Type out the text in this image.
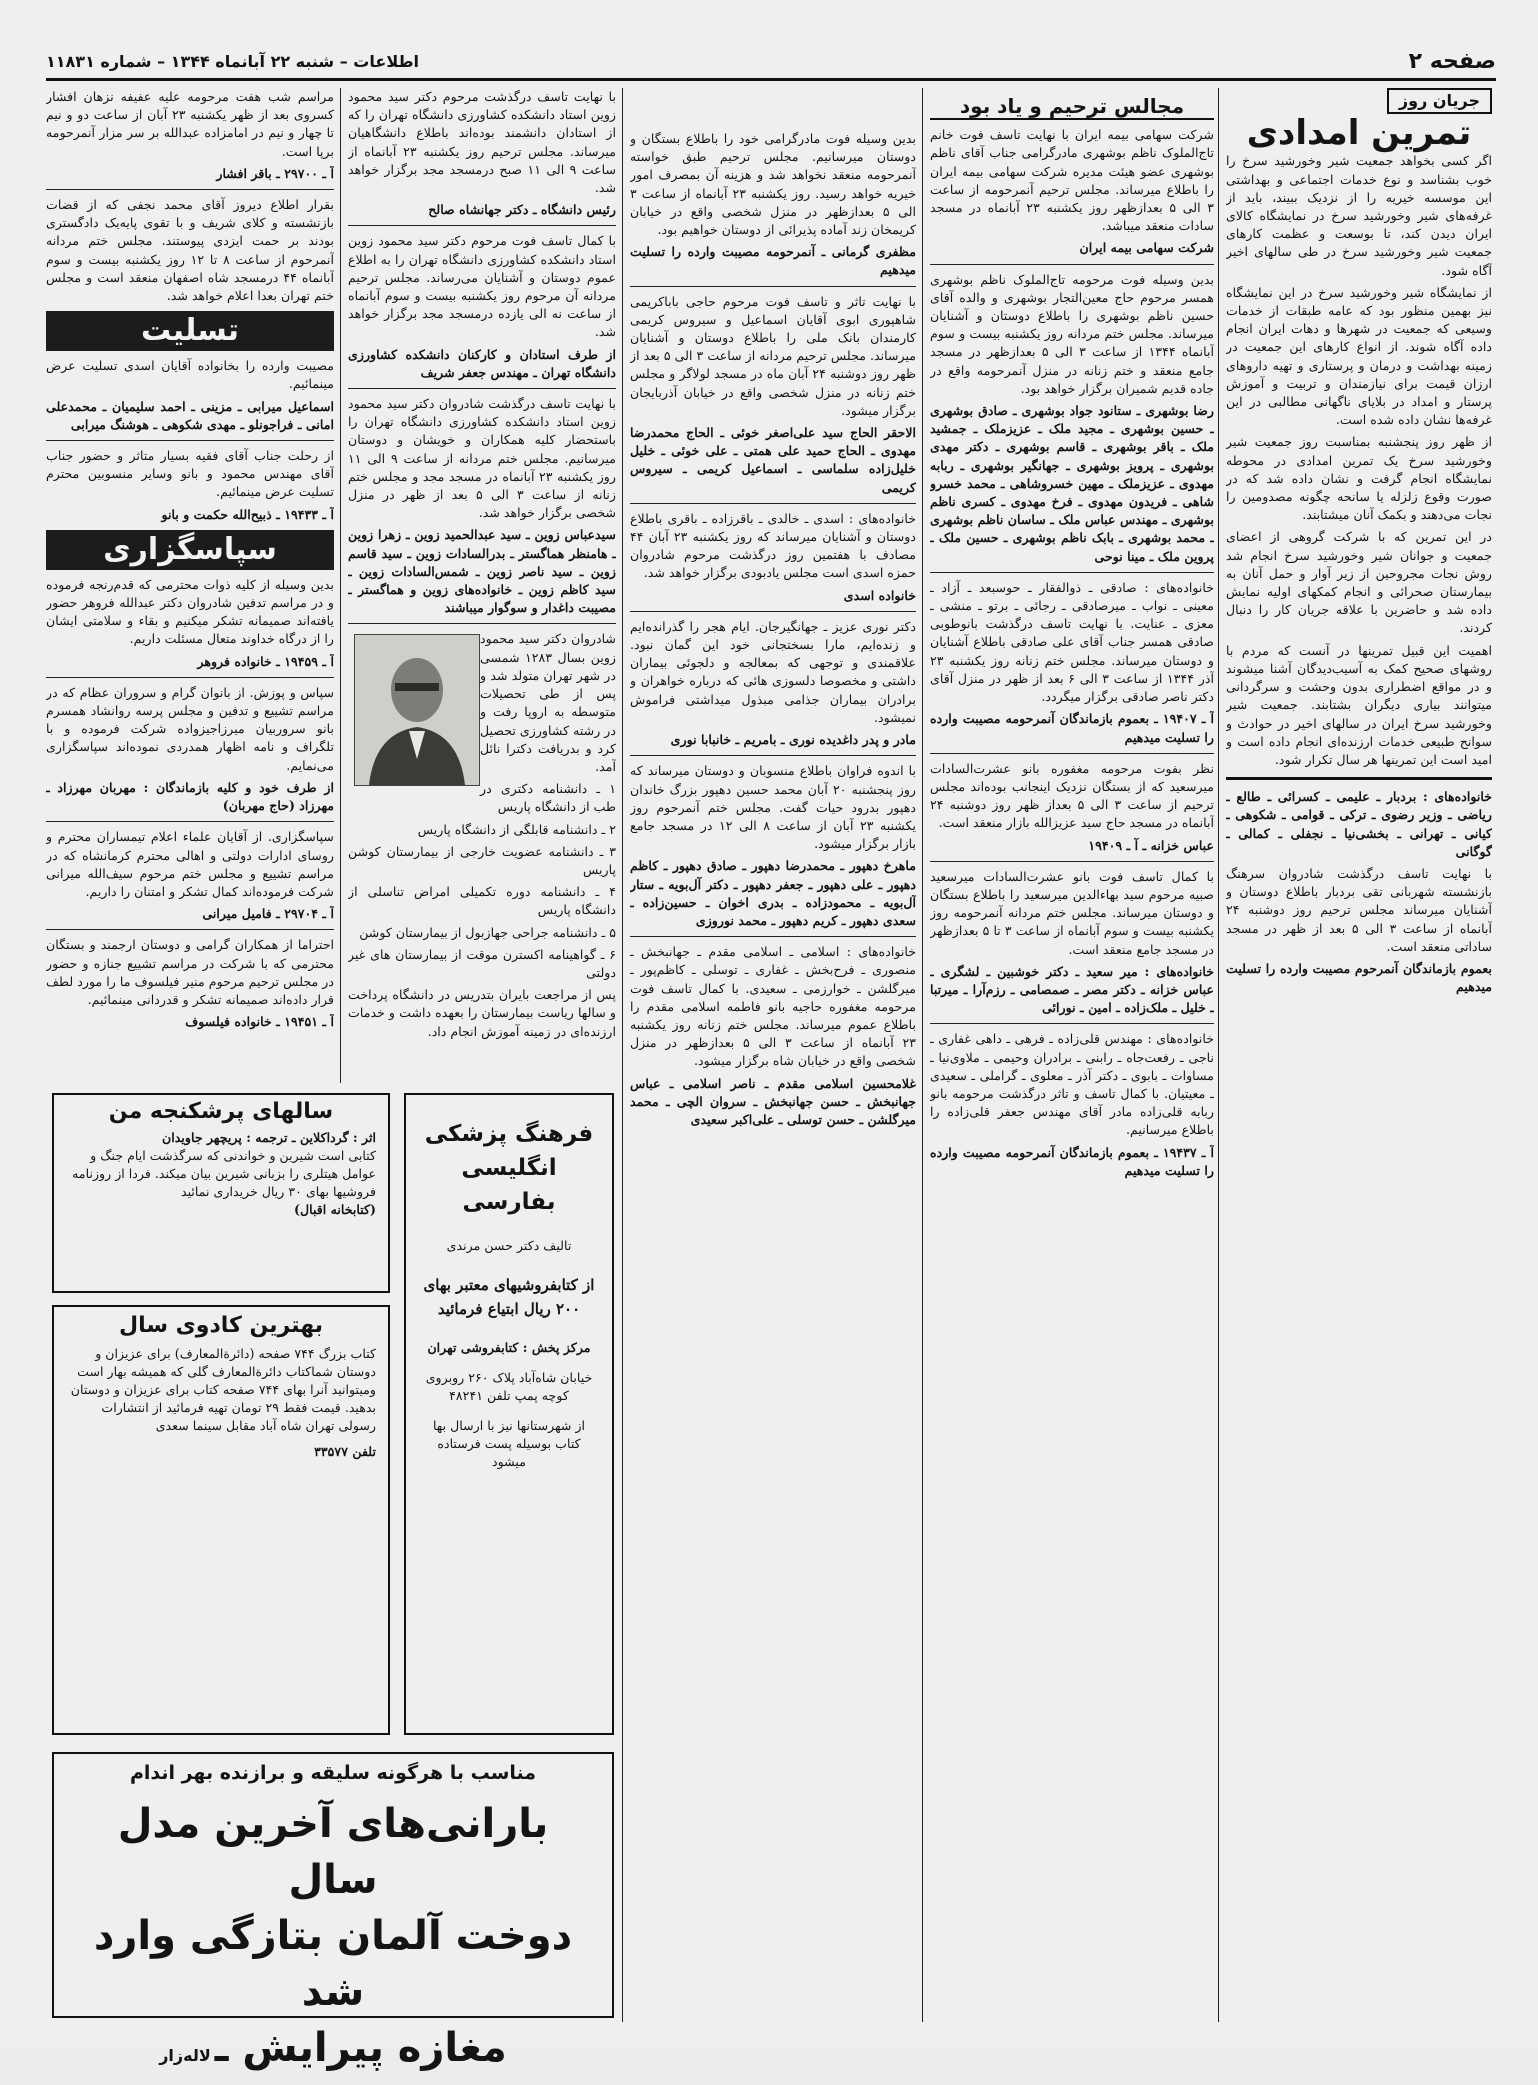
صفحه ۲
اطلاعات – شنبه ۲۲ آبانماه ۱۳۴۴ – شماره ۱۱۸۳۱
جریان روز
تمرین امدادی

اگر کسی بخواهد جمعیت شیر وخورشید سرخ را خوب بشناسد و نوع خدمات اجتماعی و بهداشتی این موسسه خیریه را از نزدیک ببیند، باید از غرفه‌های شیر وخورشید سرخ در نمایشگاه کالای ایران دیدن کند، تا بوسعت و عظمت کارهای جمعیت شیر وخورشید سرخ در طی سالهای اخیر آگاه شود.

از نمایشگاه شیر وخورشید سرخ در این نمایشگاه نیز بهمین منظور بود که عامه طبقات از خدمات وسیعی که جمعیت در شهرها و دهات ایران انجام داده آگاه شوند. از انواع کارهای این جمعیت در زمینه بهداشت و درمان و پرستاری و تهیه داروهای ارزان قیمت برای نیازمندان و تربیت و آموزش پرستار و امداد در بلایای ناگهانی مطالبی در این غرفه‌ها نشان داده شده است.

از ظهر روز پنجشنبه بمناسبت روز جمعیت شیر وخورشید سرخ یک تمرین امدادی در محوطه نمایشگاه انجام گرفت و نشان داده شد که در صورت وقوع زلزله یا سانحه چگونه مصدومین را نجات می‌دهند و بکمک آنان میشتابند.

در این تمرین که با شرکت گروهی از اعضای جمعیت و جوانان شیر وخورشید سرخ انجام شد روش نجات مجروحین از زیر آوار و حمل آنان به بیمارستان صحرائی و انجام کمکهای اولیه نمایش داده شد و حاضرین با علاقه جریان کار را دنبال کردند.

اهمیت این قبیل تمرینها در آنست که مردم با روشهای صحیح کمک به آسیب‌دیدگان آشنا میشوند و در مواقع اضطراری بدون وحشت و سرگردانی میتوانند بیاری دیگران بشتابند. جمعیت شیر وخورشید سرخ ایران در سالهای اخیر در حوادث و سوانح طبیعی خدمات ارزنده‌ای انجام داده است و امید است این تمرینها هر سال تکرار شود.

خانواده‌های : بردبار ـ علیمی ـ کسرائی ـ طالع ـ ریاضی ـ وزیر رضوی ـ ترکی ـ قوامی ـ شکوهی ـ کیانی ـ تهرانی ـ بخشی‌نیا ـ نجفلی ـ کمالی ـ گوگانی

با نهایت تاسف درگذشت شادروان سرهنگ بازنشسته شهربانی تقی بردبار باطلاع دوستان و آشنایان میرساند مجلس ترحیم روز دوشنبه ۲۴ آبانماه از ساعت ۳ الی ۵ بعد از ظهر در مسجد ساداتی منعقد است.

بعموم بازماندگان آنمرحوم مصیبت وارده را تسلیت میدهیم

مجالس ترحیم و یاد بود

شرکت سهامی بیمه ایران با نهایت تاسف فوت خانم تاج‌الملوک ناظم بوشهری مادرگرامی جناب آقای ناظم بوشهری عضو هیئت مدیره شرکت سهامی بیمه ایران را باطلاع میرساند. مجلس ترحیم آنمرحومه از ساعت ۳ الی ۵ بعدازظهر روز یکشنبه ۲۳ آبانماه در مسجد سادات منعقد میباشد.

شرکت سهامی بیمه ایران

بدین وسیله فوت مرحومه تاج‌الملوک ناظم بوشهری همسر مرحوم حاج معین‌التجار بوشهری و والده آقای حسین ناظم بوشهری را باطلاع دوستان و آشنایان میرساند. مجلس ختم مردانه روز یکشنبه بیست و سوم آبانماه ۱۳۴۴ از ساعت ۳ الی ۵ بعدازظهر در مسجد جامع منعقد و ختم زنانه در منزل آنمرحومه واقع در جاده قدیم شمیران برگزار خواهد بود.

رضا بوشهری ـ ستانود جواد بوشهری ـ صادق بوشهری ـ حسین بوشهری ـ مجید ملک ـ عزیزملک ـ جمشید ملک ـ باقر بوشهری ـ قاسم بوشهری ـ دکتر مهدی بوشهری ـ پرویز بوشهری ـ جهانگیر بوشهری ـ ربابه مهدوی ـ عزیزملک ـ مهین خسروشاهی ـ محمد خسرو شاهی ـ فریدون مهدوی ـ فرخ مهدوی ـ کسری ناظم بوشهری ـ مهندس عباس ملک ـ ساسان ناظم بوشهری ـ محمد بوشهری ـ بابک ناظم بوشهری ـ حسین ملک ـ پروین ملک ـ مینا نوحی

خانواده‌های : صادقی ـ ذوالفقار ـ حوسبعد ـ آزاد ـ معینی ـ نواب ـ میرصادقی ـ رجائی ـ برتو ـ منشی ـ معزی ـ عنایت. با نهایت تاسف درگذشت بانوطوبی صادقی همسر جناب آقای علی صادقی باطلاع آشنایان و دوستان میرساند. مجلس ختم زنانه روز یکشنبه ۲۳ آذر ۱۳۴۴ از ساعت ۳ الی ۶ بعد از ظهر در منزل آقای دکتر ناصر صادقی برگزار میگردد.

آ ـ ۱۹۴۰۷ ـ بعموم بازماندگان آنمرحومه مصیبت وارده را تسلیت میدهیم

نظر بفوت مرحومه مغفوره بانو عشرت‌السادات میرسعید که از بستگان نزدیک اینجانب بوده‌اند مجلس ترحیم از ساعت ۳ الی ۵ بعداز ظهر روز دوشنبه ۲۴ آبانماه در مسجد حاج سید عزیزالله بازار منعقد است.

عباس خزانه ـ آ ـ ۱۹۴۰۹

با کمال تاسف فوت بانو عشرت‌السادات میرسعید صبیه مرحوم سید بهاءالدین میرسعید را باطلاع بستگان و دوستان میرساند. مجلس ختم مردانه آنمرحومه روز یکشنبه بیست و سوم آبانماه از ساعت ۳ تا ۵ بعدازظهر در مسجد جامع منعقد است.

خانواده‌های : میر سعید ـ دکتر خوشبین ـ لشگری ـ عباس خزانه ـ دکتر مصر ـ صمصامی ـ رزم‌آرا ـ میرتبا ـ خلیل ـ ملک‌زاده ـ امین ـ نورائی

خانواده‌های : مهندس قلی‌زاده ـ فرهی ـ داهی غفاری ـ ناجی ـ رفعت‌جاه ـ رابنی ـ برادران وحیمی ـ ملاوی‌نیا ـ مساوات ـ بابوی ـ دکتر آذر ـ معلوی ـ گراملی ـ سعیدی ـ معیتیان. با کمال تاسف و تاثر درگذشت مرحومه بانو ربابه قلی‌زاده مادر آقای مهندس جعفر قلی‌زاده را باطلاع میرسانیم.

آ ـ ۱۹۴۳۷ ـ بعموم بازماندگان آنمرحومه مصیبت وارده را تسلیت میدهیم

بدین وسیله فوت مادرگرامی خود را باطلاع بستگان و دوستان میرسانیم. مجلس ترحیم طبق خواسته آنمرحومه منعقد نخواهد شد و هزینه آن بمصرف امور خیریه خواهد رسید. روز یکشنبه ۲۳ آبانماه از ساعت ۳ الی ۵ بعدازظهر در منزل شخصی واقع در خیابان کریمخان زند آماده پذیرائی از دوستان خواهیم بود.

مظفری گرمانی ـ آنمرحومه مصیبت وارده را تسلیت میدهیم

با نهایت تاثر و تاسف فوت مرحوم حاجی باباکریمی شاهپوری ابوی آقایان اسماعیل و سیروس کریمی کارمندان بانک ملی را باطلاع دوستان و آشنایان میرساند. مجلس ترحیم مردانه از ساعت ۳ الی ۵ بعد از ظهر روز دوشنبه ۲۴ آبان ماه در مسجد لولاگر و مجلس ختم زنانه در منزل شخصی واقع در خیابان آذربایجان برگزار میشود.

الاحقر الحاج سید علی‌اصغر خوئی ـ الحاج محمدرضا مهدوی ـ الحاج حمید علی همتی ـ علی خوئی ـ خلیل خلیل‌زاده سلماسی ـ اسماعیل کریمی ـ سیروس کریمی

خانواده‌های : اسدی ـ خالدی ـ باقرزاده ـ باقری باطلاع دوستان و آشنایان میرساند که روز یکشنبه ۲۳ آبان ۴۴ مصادف با هفتمین روز درگذشت مرحوم شادروان حمزه اسدی است مجلس یادبودی برگزار خواهد شد.

خانواده اسدی

دکتر نوری عزیز ـ جهانگیرجان. ایام هجر را گذرانده‌ایم و زنده‌ایم، مارا بسختجانی خود این گمان نبود. علاقمندی و توجهی که بمعالجه و دلجوئی بیماران داشتی و مخصوصا دلسوزی هائی که درباره خواهران و برادران بیماران جذامی مبذول میداشتی فراموش نمیشود.

مادر و پدر داغدیده نوری ـ بامریم ـ خانبابا نوری

با اندوه فراوان باطلاع منسوبان و دوستان میرساند که روز پنجشنبه ۲۰ آبان محمد حسین دهپور بزرگ خاندان دهپور بدرود حیات گفت. مجلس ختم آنمرحوم روز یکشنبه ۲۳ آبان از ساعت ۸ الی ۱۲ در مسجد جامع بازار برگزار میشود.

ماهرخ دهپور ـ محمدرضا دهپور ـ صادق دهپور ـ کاظم دهپور ـ علی دهپور ـ جعفر دهپور ـ دکتر آل‌بویه ـ ستار آل‌بویه ـ محمودزاده ـ بدری اخوان ـ حسین‌زاده ـ سعدی دهپور ـ کریم دهپور ـ محمد نوروزی

خانواده‌های : اسلامی ـ اسلامی مقدم ـ جهانبخش ـ منصوری ـ فرح‌بخش ـ غفاری ـ توسلی ـ کاظم‌پور ـ میرگلشن ـ خوارزمی ـ سعیدی. با کمال تاسف فوت مرحومه مغفوره حاجیه بانو فاطمه اسلامی مقدم را باطلاع عموم میرساند. مجلس ختم زنانه روز یکشنبه ۲۳ آبانماه از ساعت ۳ الی ۵ بعدازظهر در منزل شخصی واقع در خیابان شاه برگزار میشود.

غلامحسین اسلامی مقدم ـ ناصر اسلامی ـ عباس جهانبخش ـ حسن جهانبخش ـ سروان الچی ـ محمد میرگلشن ـ حسن توسلی ـ علی‌اکبر سعیدی

با نهایت تاسف درگذشت مرحوم دکتر سید محمود زوین استاد دانشکده کشاورزی دانشگاه تهران را که از استادان دانشمند بوده‌اند باطلاع دانشگاهیان میرساند. مجلس ترحیم روز یکشنبه ۲۳ آبانماه از ساعت ۹ الی ۱۱ صبح درمسجد مجد برگزار خواهد شد.

رئیس دانشگاه ـ دکتر جهانشاه صالح

با کمال تاسف فوت مرحوم دکتر سید محمود زوین استاد دانشکده کشاورزی دانشگاه تهران را به اطلاع عموم دوستان و آشنایان می‌رساند. مجلس ترحیم مردانه آن مرحوم روز یکشنبه بیست و سوم آبانماه از ساعت نه الی یازده درمسجد مجد برگزار خواهد شد.

از طرف استادان و کارکنان دانشکده کشاورزی دانشگاه تهران ـ مهندس جعفر شریف

با نهایت تاسف درگذشت شادروان دکتر سید محمود زوین استاد دانشکده کشاورزی دانشگاه تهران را باستحضار کلیه همکاران و خویشان و دوستان میرسانیم. مجلس ختم مردانه از ساعت ۹ الی ۱۱ روز یکشنبه ۲۳ آبانماه در مسجد مجد و مجلس ختم زنانه از ساعت ۳ الی ۵ بعد از ظهر در منزل شخصی برگزار خواهد شد.

سیدعباس زوین ـ سید عبدالحمید زوین ـ زهرا زوین ـ هامنظر هماگستر ـ بدرالسادات زوین ـ سید قاسم زوین ـ سید ناصر زوین ـ شمس‌السادات زوین ـ سید کاظم زوین ـ خانواده‌های زوین و هماگستر ـ مصیبت داغدار و سوگوار میباشند

شادروان دکتر سید محمود زوین بسال ۱۲۸۳ شمسی در شهر تهران متولد شد و پس از طی تحصیلات متوسطه به اروپا رفت و در رشته کشاورزی تحصیل کرد و بدریافت دکترا نائل آمد.

۱ ـ دانشنامه دکتری در طب از دانشگاه پاریس

۲ ـ دانشنامه قابلگی از دانشگاه پاریس

۳ ـ دانشنامه عضویت خارجی از بیمارستان کوشن پاریس

۴ ـ دانشنامه دوره تکمیلی امراض تناسلی از دانشگاه پاریس

۵ ـ دانشنامه جراحی جهازبول از بیمارستان کوشن

۶ ـ گواهینامه اکسترن موقت از بیمارستان های غیر دولتی

پس از مراجعت بایران بتدریس در دانشگاه پرداخت و سالها ریاست بیمارستان را بعهده داشت و خدمات ارزنده‌ای در زمینه آموزش انجام داد.

مراسم شب هفت مرحومه علیه عفیفه نزهان افشار کسروی بعد از ظهر یکشنبه ۲۳ آبان از ساعت دو و نیم تا چهار و نیم در امامزاده عبدالله بر سر مزار آنمرحومه برپا است.

آ ـ ۲۹۷۰۰ ـ باقر افشار

بقرار اطلاع دیروز آقای محمد نجفی که از قضات بازنشسته و کلای شریف و با تقوی پایه‌یک دادگستری بودند بر حمت ایزدی پیوستند. مجلس ختم مردانه آنمرحوم از ساعت ۸ تا ۱۲ روز یکشنبه بیست و سوم آبانماه ۴۴ درمسجد شاه اصفهان منعقد است و مجلس ختم تهران بعدا اعلام خواهد شد.

تسلیت

مصیبت وارده را بخانواده آقایان اسدی تسلیت عرض مینمائیم.

اسماعیل میرابی ـ مزینی ـ احمد سلیمیان ـ محمدعلی امانی ـ فراجونلو ـ مهدی شکوهی ـ هوشنگ میرابی

از رحلت جناب آقای فقیه بسیار متاثر و حضور جناب آقای مهندس محمود و بانو وسایر منسوبین محترم تسلیت عرض مینمائیم.

آ ـ ۱۹۴۳۳ ـ ذبیح‌الله حکمت و بانو

سپاسگزاری

بدین وسیله از کلیه ذوات محترمی که قدم‌رنجه فرموده و در مراسم تدفین شادروان دکتر عبدالله فروهر حضور یافته‌اند صمیمانه تشکر میکنیم و بقاء و سلامتی ایشان را از درگاه خداوند متعال مسئلت داریم.

آ ـ ۱۹۴۵۹ ـ خانواده فروهر

سپاس و پوزش. از بانوان گرام و سروران عظام که در مراسم تشییع و تدفین و مجلس پرسه روانشاد همسرم بانو سروربیان میرزاجیزواده شرکت فرموده و با تلگراف و نامه اظهار همدردی نموده‌اند سپاسگزاری می‌نمایم.

از طرف خود و کلیه بازماندگان : مهربان مهرزاد ـ مهرزاد (حاج مهربان)

سپاسگزاری. از آقایان علماء اعلام تیمساران محترم و روسای ادارات دولتی و اهالی محترم کرمانشاه که در مراسم تشییع و مجلس ختم مرحوم سیف‌الله میرانی شرکت فرموده‌اند کمال تشکر و امتنان را داریم.

آ ـ ۲۹۷۰۴ ـ فامیل میرانی

احتراما از همکاران گرامی و دوستان ارجمند و بستگان محترمی که با شرکت در مراسم تشییع جنازه و حضور در مجلس ترحیم مرحوم منیر فیلسوف ما را مورد لطف قرار داده‌اند صمیمانه تشکر و قدردانی مینمائیم.

آ ـ ۱۹۴۵۱ ـ خانواده فیلسوف

سالهای پرشکنجه من
اثر : گرداکلاین ـ ترجمه : پریچهر جاویدان
کتابی است شیرین و خواندنی که سرگذشت ایام جنگ و عوامل هیتلری را بزبانی شیرین بیان میکند. فردا از روزنامه فروشیها بهای ۳۰ ریال خریداری نمائید
(کتابخانه اقبال)
بهترین کادوی سال
کتاب بزرگ ۷۴۴ صفحه (دائرةالمعارف) برای عزیزان و دوستان شماکتاب دائرةالمعارف گلی که همیشه بهار است ومیتوانید آنرا بهای ۷۴۴ صفحه کتاب برای عزیزان و دوستان بدهید. قیمت فقط ۲۹ تومان تهیه فرمائید از انتشارات رسولی تهران شاه آباد مقابل سینما سعدی
تلفن ۳۳۵۷۷
فرهنگ پزشکی انگلیسی بفارسی
تالیف دکتر حسن مرندی
از کتابفروشیهای معتبر بهای ۲۰۰ ریال ابتیاع فرمائید
مرکز پخش : کتابفروشی تهران
خیابان شاه‌آباد پلاک ۲۶۰ روبروی کوچه پمپ تلفن ۴۸۲۴۱
از شهرستانها نیز با ارسال بها کتاب بوسیله پست فرستاده میشود
مناسب با هرگونه سلیقه و برازنده بهر اندام
بارانی‌های آخرین مدل سال
دوخت آلمان بتازگی وارد شد
مغازه پیرایش ـ لاله‌زار
